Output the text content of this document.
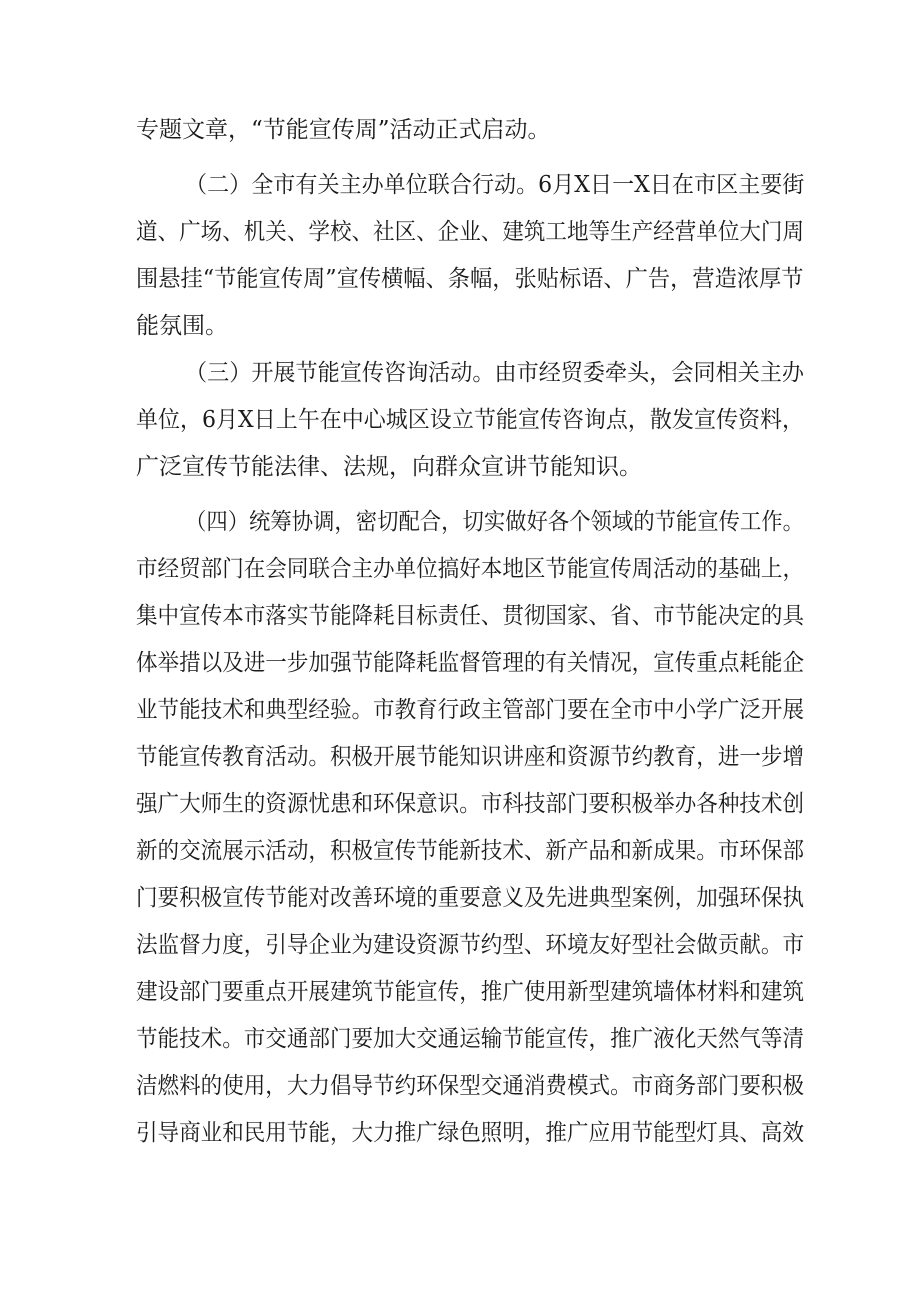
专题文章，“节能宣传周”活动正式启动。
（二）全市有关主办单位联合行动。6月X日一X日在市区主要街
道、广场、机关、学校、社区、企业、建筑工地等生产经营单位大门周
围悬挂“节能宣传周”宣传横幅、条幅，张贴标语、广告，营造浓厚节
能氛围。
（三）开展节能宣传咨询活动。由市经贸委牵头，会同相关主办
单位，6月X日上午在中心城区设立节能宣传咨询点，散发宣传资料，
广泛宣传节能法律、法规，向群众宣讲节能知识。
（四）统筹协调，密切配合，切实做好各个领域的节能宣传工作。
市经贸部门在会同联合主办单位搞好本地区节能宣传周活动的基础上，
集中宣传本市落实节能降耗目标责任、贯彻国家、省、市节能决定的具
体举措以及进一步加强节能降耗监督管理的有关情况，宣传重点耗能企
业节能技术和典型经验。市教育行政主管部门要在全市中小学广泛开展
节能宣传教育活动。积极开展节能知识讲座和资源节约教育，进一步增
强广大师生的资源忧患和环保意识。市科技部门要积极举办各种技术创
新的交流展示活动，积极宣传节能新技术、新产品和新成果。市环保部
门要积极宣传节能对改善环境的重要意义及先进典型案例，加强环保执
法监督力度，引导企业为建设资源节约型、环境友好型社会做贡献。市
建设部门要重点开展建筑节能宣传，推广使用新型建筑墙体材料和建筑
节能技术。市交通部门要加大交通运输节能宣传，推广液化天然气等清
洁燃料的使用，大力倡导节约环保型交通消费模式。市商务部门要积极
引导商业和民用节能，大力推广绿色照明，推广应用节能型灯具、高效
